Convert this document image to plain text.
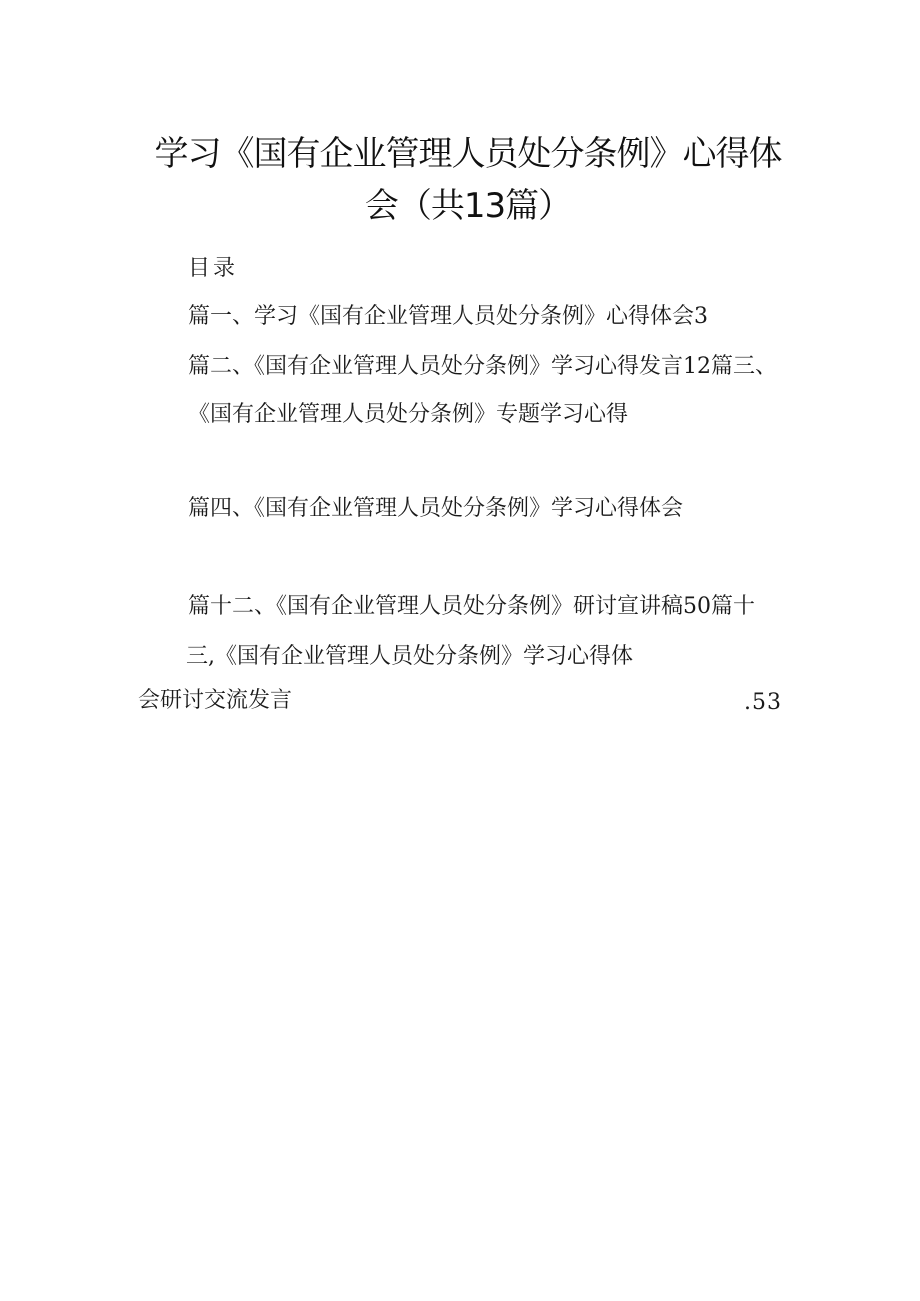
学习《国有企业管理人员处分条例》心得体
会（共13篇）

目录

篇一、学习《国有企业管理人员处分条例》心得体会3

篇二、《国有企业管理人员处分条例》学习心得发言12篇三、

《国有企业管理人员处分条例》专题学习心得

篇四、《国有企业管理人员处分条例》学习心得体会

篇十二、《国有企业管理人员处分条例》研讨宣讲稿50篇十

三,《国有企业管理人员处分条例》学习心得体

会研讨交流发言	.53
